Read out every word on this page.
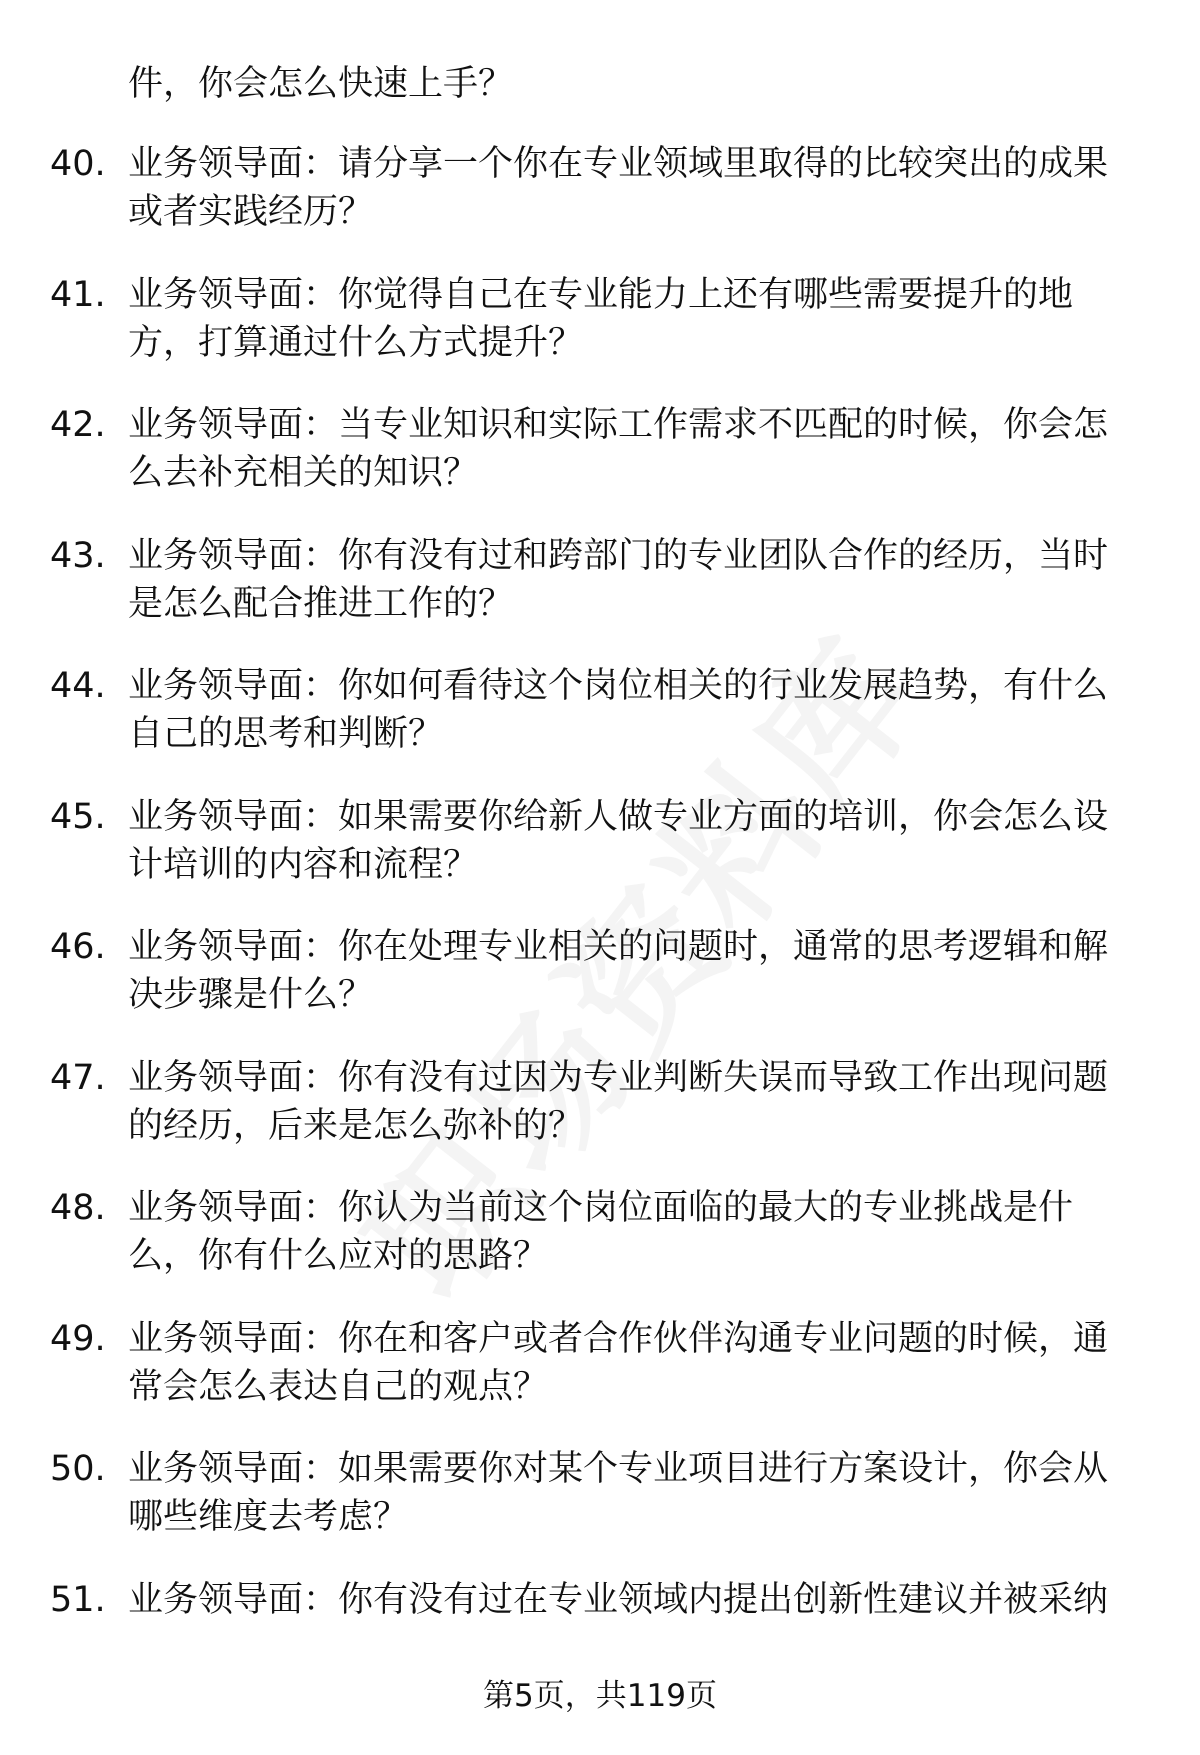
件，你会怎么快速上手？
40. 业务领导面：请分享一个你在专业领域里取得的比较突出的成果或者实践经历？
41. 业务领导面：你觉得自己在专业能力上还有哪些需要提升的地方，打算通过什么方式提升？
42. 业务领导面：当专业知识和实际工作需求不匹配的时候，你会怎么去补充相关的知识？
43. 业务领导面：你有没有过和跨部门的专业团队合作的经历，当时是怎么配合推进工作的？
44. 业务领导面：你如何看待这个岗位相关的行业发展趋势，有什么自己的思考和判断？
45. 业务领导面：如果需要你给新人做专业方面的培训，你会怎么设计培训的内容和流程？
46. 业务领导面：你在处理专业相关的问题时，通常的思考逻辑和解决步骤是什么？
47. 业务领导面：你有没有过因为专业判断失误而导致工作出现问题的经历，后来是怎么弥补的？
48. 业务领导面：你认为当前这个岗位面临的最大的专业挑战是什么，你有什么应对的思路？
49. 业务领导面：你在和客户或者合作伙伴沟通专业问题的时候，通常会怎么表达自己的观点？
50. 业务领导面：如果需要你对某个专业项目进行方案设计，你会从哪些维度去考虑？
51. 业务领导面：你有没有过在专业领域内提出创新性建议并被采纳
第5页，共119页
